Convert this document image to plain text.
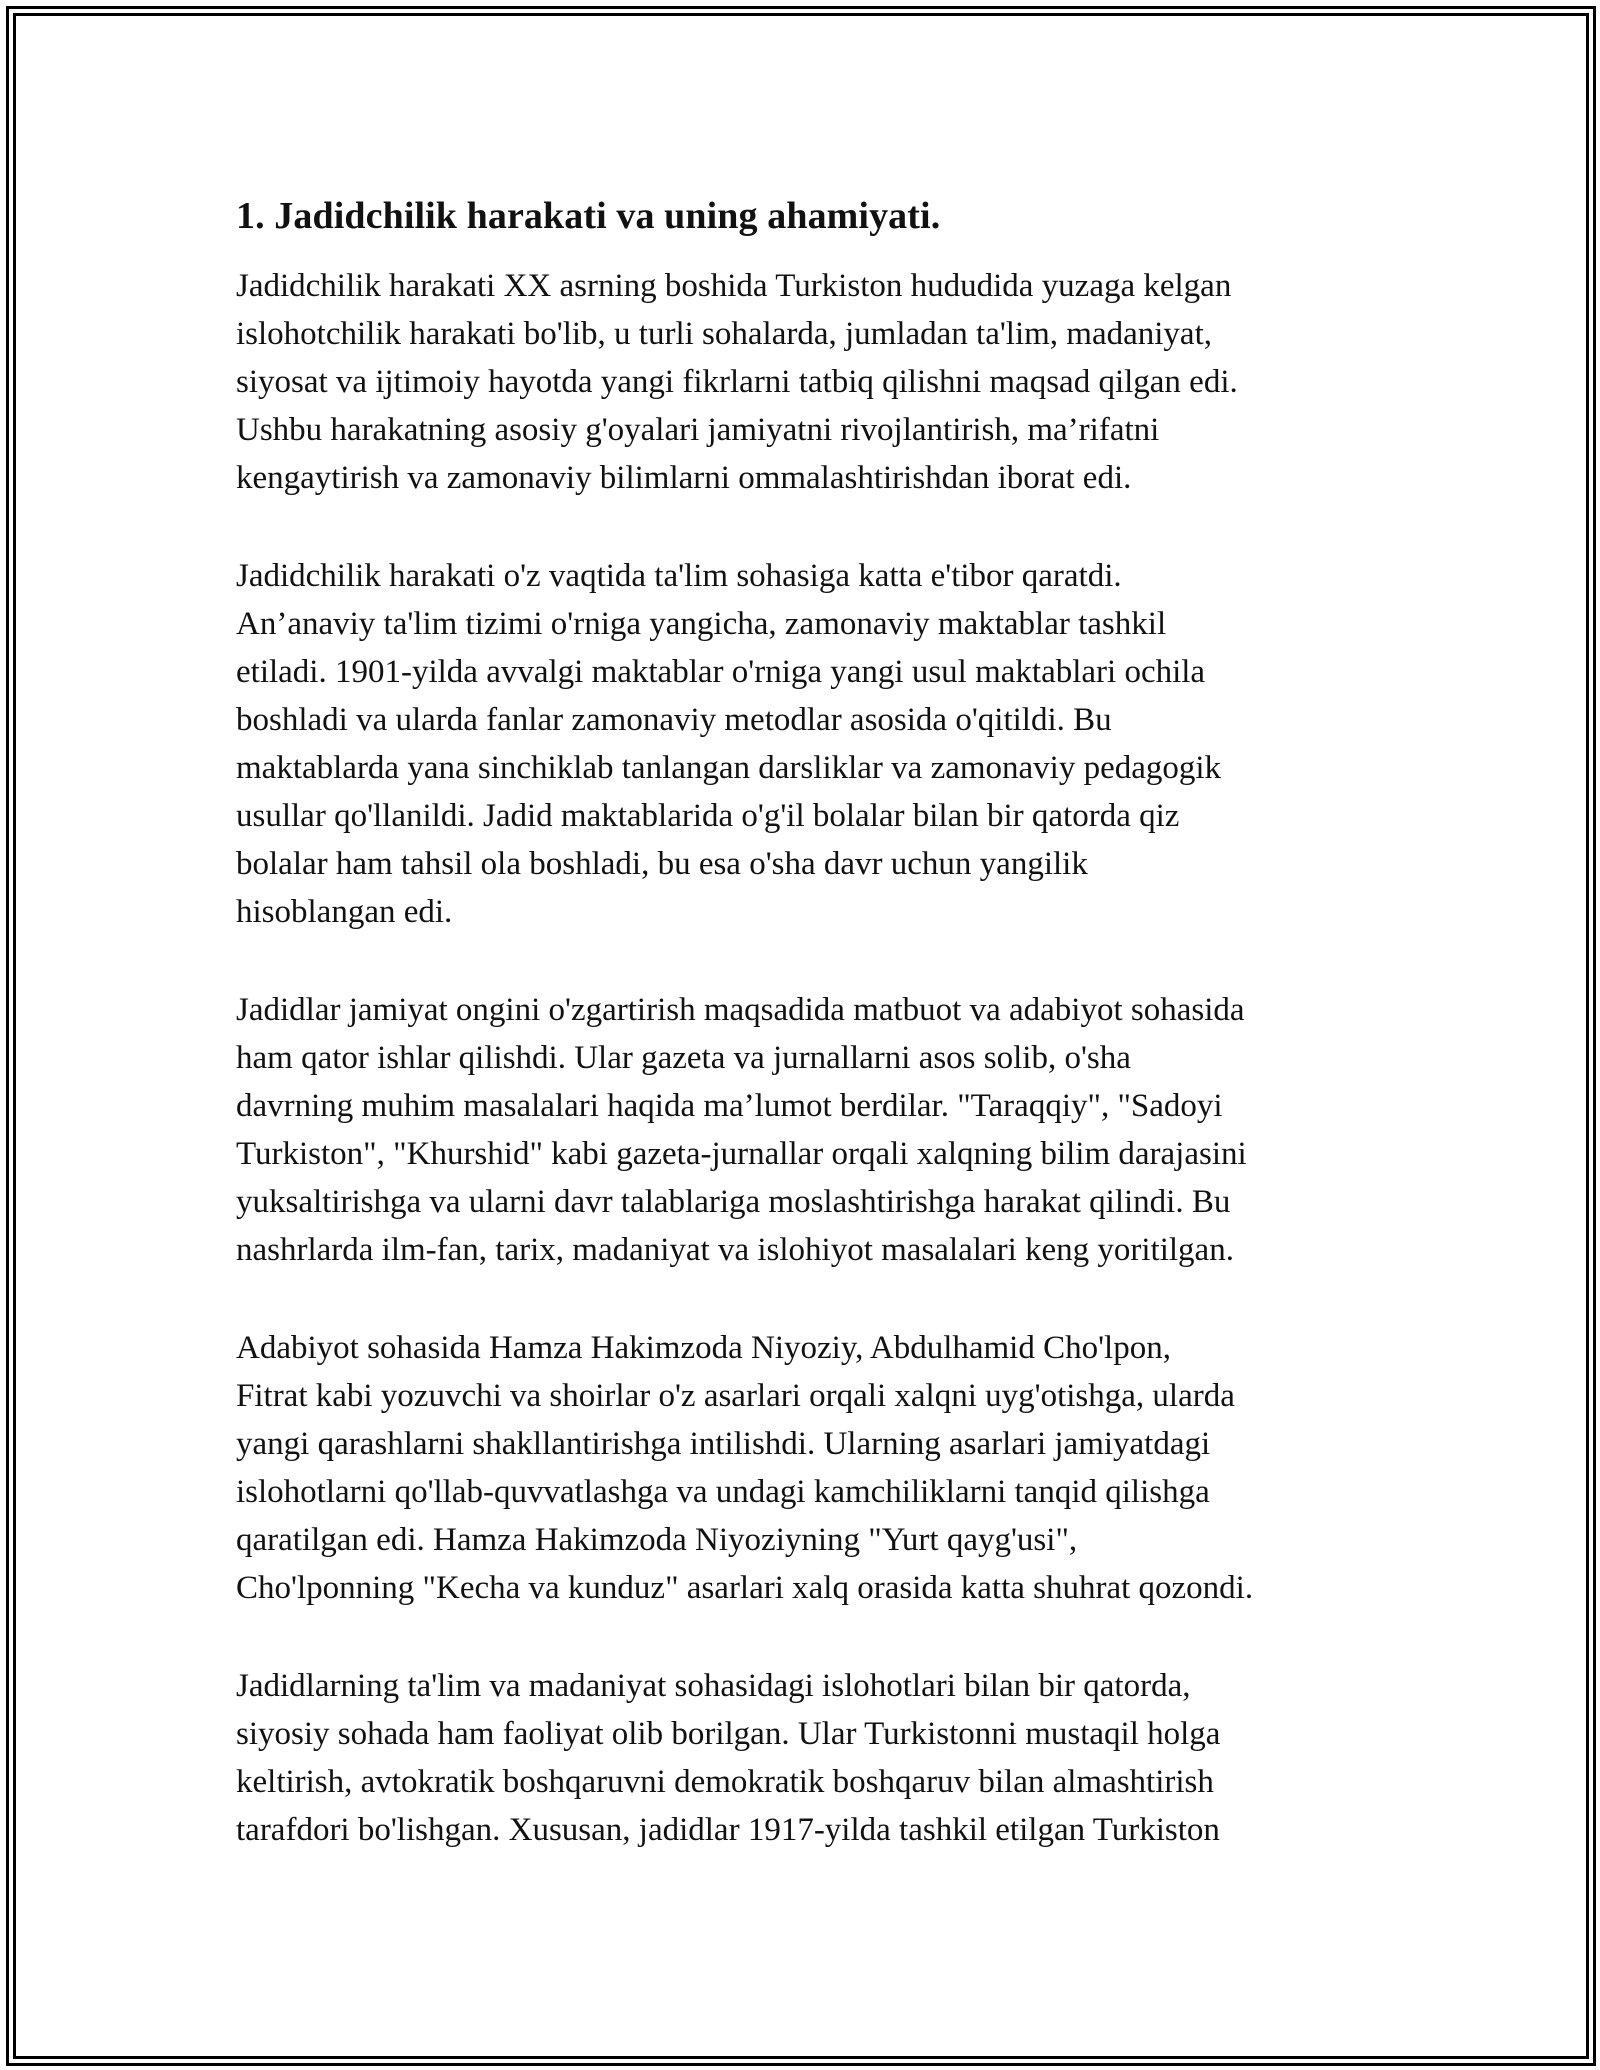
1. Jadidchilik harakati va uning ahamiyati.

Jadidchilik harakati XX asrning boshida Turkiston hududida yuzaga kelgan
islohotchilik harakati bo'lib, u turli sohalarda, jumladan ta'lim, madaniyat,
siyosat va ijtimoiy hayotda yangi fikrlarni tatbiq qilishni maqsad qilgan edi.
Ushbu harakatning asosiy g'oyalari jamiyatni rivojlantirish, ma’rifatni
kengaytirish va zamonaviy bilimlarni ommalashtirishdan iborat edi.

Jadidchilik harakati o'z vaqtida ta'lim sohasiga katta e'tibor qaratdi.
An’anaviy ta'lim tizimi o'rniga yangicha, zamonaviy maktablar tashkil
etiladi. 1901-yilda avvalgi maktablar o'rniga yangi usul maktablari ochila
boshladi va ularda fanlar zamonaviy metodlar asosida o'qitildi. Bu
maktablarda yana sinchiklab tanlangan darsliklar va zamonaviy pedagogik
usullar qo'llanildi. Jadid maktablarida o'g'il bolalar bilan bir qatorda qiz
bolalar ham tahsil ola boshladi, bu esa o'sha davr uchun yangilik
hisoblangan edi.

Jadidlar jamiyat ongini o'zgartirish maqsadida matbuot va adabiyot sohasida
ham qator ishlar qilishdi. Ular gazeta va jurnallarni asos solib, o'sha
davrning muhim masalalari haqida ma’lumot berdilar. "Taraqqiy", "Sadoyi
Turkiston", "Khurshid" kabi gazeta-jurnallar orqali xalqning bilim darajasini
yuksaltirishga va ularni davr talablariga moslashtirishga harakat qilindi. Bu
nashrlarda ilm-fan, tarix, madaniyat va islohiyot masalalari keng yoritilgan.

Adabiyot sohasida Hamza Hakimzoda Niyoziy, Abdulhamid Cho'lpon,
Fitrat kabi yozuvchi va shoirlar o'z asarlari orqali xalqni uyg'otishga, ularda
yangi qarashlarni shakllantirishga intilishdi. Ularning asarlari jamiyatdagi
islohotlarni qo'llab-quvvatlashga va undagi kamchiliklarni tanqid qilishga
qaratilgan edi. Hamza Hakimzoda Niyoziyning "Yurt qayg'usi",
Cho'lponning "Kecha va kunduz" asarlari xalq orasida katta shuhrat qozondi.

Jadidlarning ta'lim va madaniyat sohasidagi islohotlari bilan bir qatorda,
siyosiy sohada ham faoliyat olib borilgan. Ular Turkistonni mustaqil holga
keltirish, avtokratik boshqaruvni demokratik boshqaruv bilan almashtirish
tarafdori bo'lishgan. Xususan, jadidlar 1917-yilda tashkil etilgan Turkiston
